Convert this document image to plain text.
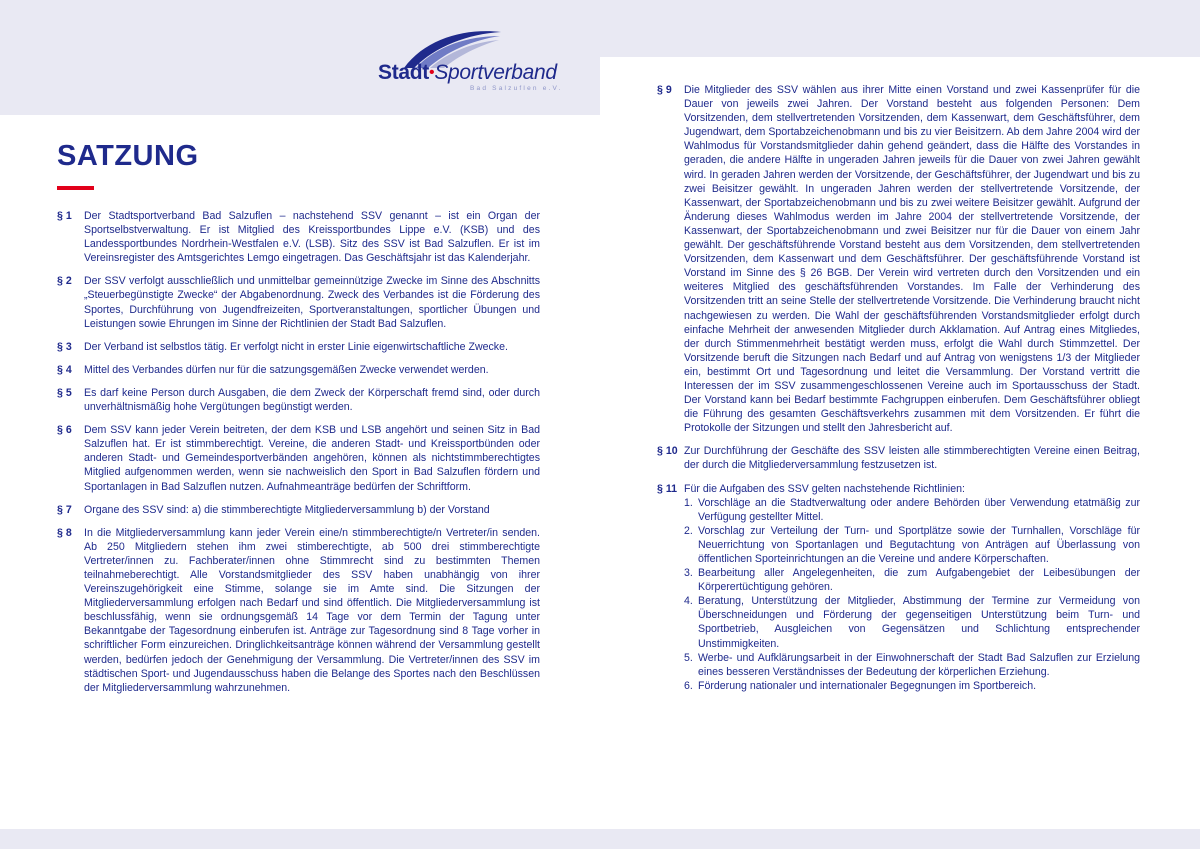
Stadt•Sportverband
Bad Salzuflen e.V.
SATZUNG
§ 1	Der Stadtsportverband Bad Salzuflen – nachstehend SSV genannt – ist ein Organ der Sportselbstverwaltung. Er ist Mitglied des Kreissportbundes Lippe e.V. (KSB) und des Landessportbundes Nordrhein-Westfalen e.V. (LSB). Sitz des SSV ist Bad Salzuflen. Er ist im Vereinsregister des Amtsgerichtes Lemgo eingetragen. Das Geschäftsjahr ist das Kalenderjahr.

§ 2	Der SSV verfolgt ausschließlich und unmittelbar gemeinnützige Zwecke im Sinne des Abschnitts „Steuerbegünstigte Zwecke“ der Abgabenordnung. Zweck des Verbandes ist die Förderung des Sportes, Durchführung von Jugendfreizeiten, Sportveranstaltungen, sportlicher Übungen und Leistungen sowie Ehrungen im Sinne der Richtlinien der Stadt Bad Salzuflen.

§ 3	Der Verband ist selbstlos tätig. Er verfolgt nicht in erster Linie eigenwirtschaftliche Zwecke.

§ 4	Mittel des Verbandes dürfen nur für die satzungsgemäßen Zwecke verwendet werden.

§ 5	Es darf keine Person durch Ausgaben, die dem Zweck der Körperschaft fremd sind, oder durch unverhältnismäßig hohe Vergütungen begünstigt werden.

§ 6	Dem SSV kann jeder Verein beitreten, der dem KSB und LSB angehört und seinen Sitz in Bad Salzuflen hat. Er ist stimmberechtigt. Vereine, die anderen Stadt- und Kreissportbünden oder anderen Stadt- und Gemeindesportverbänden angehören, können als nichtstimmberechtigtes Mitglied aufgenommen werden, wenn sie nachweislich den Sport in Bad Salzuflen fördern und Sportanlagen in Bad Salzuflen nutzen. Aufnahmeanträge bedürfen der Schriftform.

§ 7	Organe des SSV sind: a) die stimmberechtigte Mitgliederversammlung b) der Vorstand

§ 8	In die Mitgliederversammlung kann jeder Verein eine/n stimmberechtigte/n Vertreter/in senden. Ab 250 Mitgliedern stehen ihm zwei stimberechtigte, ab 500 drei stimmberechtigte Vertreter/innen zu. Fachberater/innen ohne Stimmrecht sind zu bestimmten Themen teilnahmeberechtigt. Alle Vorstandsmitglieder des SSV haben unabhängig von ihrer Vereinszugehörigkeit eine Stimme, solange sie im Amte sind. Die Sitzungen der Mitgliederversammlung erfolgen nach Bedarf und sind öffentlich. Die Mitgliederversammlung ist beschlussfähig, wenn sie ordnungsgemäß 14 Tage vor dem Termin der Tagung unter Bekanntgabe der Tagesordnung einberufen ist. Anträge zur Tagesordnung sind 8 Tage vorher in schriftlicher Form einzureichen. Dringlichkeitsanträge können während der Versammlung gestellt werden, bedürfen jedoch der Genehmigung der Versammlung. Die Vertreter/innen des SSV im städtischen Sport- und Jugendausschuss haben die Belange des Sportes nach den Beschlüssen der Mitgliederversammlung wahrzunehmen.

§ 9	Die Mitglieder des SSV wählen aus ihrer Mitte einen Vorstand und zwei Kassenprüfer für die Dauer von jeweils zwei Jahren. Der Vorstand besteht aus folgenden Personen: Dem Vorsitzenden, dem stellvertretenden Vorsitzenden, dem Kassenwart, dem Geschäftsführer, dem Jugendwart, dem Sportabzeichenobmann und bis zu vier Beisitzern. Ab dem Jahre 2004 wird der Wahlmodus für Vorstandsmitglieder dahin gehend geändert, dass die Hälfte des Vorstandes in geraden, die andere Hälfte in ungeraden Jahren jeweils für die Dauer von zwei Jahren gewählt wird. In geraden Jahren werden der Vorsitzende, der Geschäftsführer, der Jugendwart und bis zu zwei Beisitzer gewählt. In ungeraden Jahren werden der stellvertretende Vorsitzende, der Kassenwart, der Sportabzeichenobmann und bis zu zwei weitere Beisitzer gewählt. Aufgrund der Änderung dieses Wahlmodus werden im Jahre 2004 der stellvertretende Vorsitzende, der Kassenwart, der Sportabzeichenobmann und zwei Beisitzer nur für die Dauer von einem Jahr gewählt. Der geschäftsführende Vorstand besteht aus dem Vorsitzenden, dem stellvertretenden Vorsitzenden, dem Kassenwart und dem Geschäftsführer. Der geschäftsführende Vorstand ist Vorstand im Sinne des § 26 BGB. Der Verein wird vertreten durch den Vorsitzenden und ein weiteres Mitglied des geschäftsführenden Vorstandes. Im Falle der Verhinderung des Vorsitzenden tritt an seine Stelle der stellvertretende Vorsitzende. Die Verhinderung braucht nicht nachgewiesen zu werden. Die Wahl der geschäftsführenden Vorstandsmitglieder erfolgt durch einfache Mehrheit der anwesenden Mitglieder durch Akklamation. Auf Antrag eines Mitgliedes, der durch Stimmenmehrheit bestätigt werden muss, erfolgt die Wahl durch Stimmzettel. Der Vorsitzende beruft die Sitzungen nach Bedarf und auf Antrag von wenigstens 1/3 der Mitglieder ein, bestimmt Ort und Tagesordnung und leitet die Versammlung. Der Vorstand vertritt die Interessen der im SSV zusammengeschlossenen Vereine auch im Sportausschuss der Stadt. Der Vorstand kann bei Bedarf bestimmte Fachgruppen einberufen. Dem Geschäftsführer obliegt die Führung des gesamten Geschäftsverkehrs zusammen mit dem Vorsitzenden. Er führt die Protokolle der Sitzungen und stellt den Jahresbericht auf.

§ 10 Zur Durchführung der Geschäfte des SSV leisten alle stimmberechtigten Vereine einen Beitrag, der durch die Mitgliederversammlung festzusetzen ist.

§ 11 Für die Aufgaben des SSV gelten nachstehende Richtlinien:
1. Vorschläge an die Stadtverwaltung oder andere Behörden über Verwendung etatmäßig zur Verfügung gestellter Mittel.
2. Vorschlag zur Verteilung der Turn- und Sportplätze sowie der Turnhallen, Vorschläge für Neuerrichtung von Sportanlagen und Begutachtung von Anträgen auf Überlassung von öffentlichen Sporteinrichtungen an die Vereine und andere Körperschaften.
3. Bearbeitung aller Angelegenheiten, die zum Aufgabengebiet der Leibesübungen der Körperertüchtigung gehören.
4. Beratung, Unterstützung der Mitglieder, Abstimmung der Termine zur Vermeidung von Überschneidungen und Förderung der gegenseitigen Unterstützung beim Turn- und Sportbetrieb, Ausgleichen von Gegensätzen und Schlichtung entsprechender Unstimmigkeiten.
5. Werbe- und Aufklärungsarbeit in der Einwohnerschaft der Stadt Bad Salzuflen zur Erzielung eines besseren Verständnisses der Bedeutung der körperlichen Erziehung.
6. Förderung nationaler und internationaler Begegnungen im Sportbereich.
